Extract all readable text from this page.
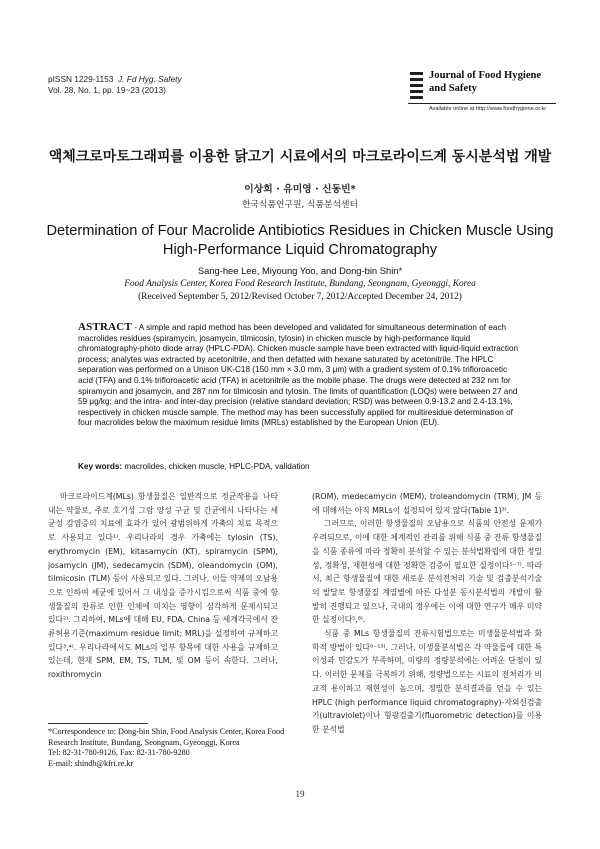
pISSN 1229-1153 J. Fd Hyg. Safety
Vol. 28, No. 1, pp. 19~23 (2013)
Journal of Food Hygiene
and Safety
Available online at http://www.foodhygiene.or.kr
액체크로마토그래피를 이용한 닭고기 시료에서의 마크로라이드계 동시분석법 개발
이상희 · 유미영 · 신동빈*
한국식품연구원, 식품분석센터
Determination of Four Macrolide Antibiotics Residues in Chicken Muscle Using
High-Performance Liquid Chromatography
Sang-hee Lee, Miyoung Yoo, and Dong-bin Shin*
Food Analysis Center, Korea Food Research Institute, Bundang, Seongnam, Gyeonggi, Korea
(Received September 5, 2012/Revised October 7, 2012/Accepted December 24, 2012)
ASTRACT - A simple and rapid method has been developed and validated for simultaneous determination of each macrolides residues (spiramycin, josamycin, tilmicosin, tylosin) in chicken muscle by high-performance liquid chromatography-photo diode array (HPLC-PDA). Chicken muscle sample have been extracted with liquid-liquid extraction process; analytes was extracted by acetonitrile, and then defatted with hexane saturated by acetonitrile. The HPLC separation was performed on a Unison UK-C18 (150 mm × 3.0 mm, 3 μm) with a gradient system of 0.1% trifloroacetic acid (TFA) and 0.1% trifloroacetic acid (TFA) in acetonitrile as the mobile phase. The drugs were detected at 232 nm for spiramycin and josamycin, and 287 nm for tilmicosin and tylosin. The limits of quantification (LOQs) were between 27 and 59 μg/kg; and the intra- and inter-day precision (relative standard deviation; RSD) was between 0.9-13.2 and 2.4-13.1%, respectively in chicken muscle sample. The method may has been successfully applied for multiresidue determination of four macrolides below the maximum residue limits (MRLs) established by the European Union (EU).
Key words: macrolides, chicken muscle, HPLC-PDA, validation

마크로라이드계(MLs) 항생물질은 일반적으로 정균작용을 나타내는 약물로, 주로 호기성 그람 양성 구균 및 간균에서 나타나는 세균성 감염증의 치료에 효과가 있어 광범위하게 가축의 치료 목적으로 사용되고 있다¹⁾. 우리나라의 경우 가축에는 tylosin (TS), erythromycin (EM), kitasamycin (KT), spiramycin (SPM), josamycin (JM), sedecamycin (SDM), oleandomycin (OM), tilmicosin (TLM) 등이 사용되고 있다. 그러나, 이들 약제의 오남용으로 인하여 세균에 있어서 그 내성을 증가시킴으로써 식품 중에 항생물질의 잔류로 인한 인체에 미치는 영향이 심각하게 문제시되고 있다²⁾. 그리하여, MLs에 대해 EU, FDA, China 등 세계각국에서 잔류허용기준(maximum residue limit; MRL)을 설정하여 규제하고 있다³,⁴⁾. 우리나라에서도 MLs의 일부 항목에 대한 사용을 규제하고 있는데, 현재 SPM, EM, TS, TLM, 및 OM 등이 속한다. 그러나, roxithromycin

(ROM), medecamycin (MEM), troleandomycin (TRM), JM 등에 대해서는 아직 MRLs이 설정되어 있지 않다(Table 1)³⁾.

그러므로, 이러한 항생물질의 오남용으로 식품의 안전성 문제가 우려되므로, 이에 대한 체계적인 관리를 위해 식품 중 잔류 항생물질을 식품 종류에 따라 정확히 분석할 수 있는 분석법확립에 대한 정밀성, 정확성, 재현성에 대한 정확한 검증이 필요한 실정이다⁵⁻⁷⁾. 따라서, 최근 항생물질에 대한 새로운 분석전처리 기술 및 검출분석기술의 발달로 항생물질 계열별에 따른 다성분 동시분석법의 개발이 활발히 진행되고 있으나, 국내의 경우에는 이에 대한 연구가 매우 미약한 실정이다⁵,⁸⁾.

식품 중 MLs 항생물질의 잔류시험법으로는 미생물분석법과 화학적 방법이 있다⁹⁻¹³⁾. 그러나, 미생물분석법은 각 약물들에 대한 특이성과 민감도가 부족하며, 미량의 정량분석에는 어려운 단점이 있다. 이러한 문제를 극복하기 위해, 정량법으로는 시료의 전처리가 비교적 용이하고 재현성이 높으며, 정밀한 분석결과를 얻을 수 있는 HPLC (high performance liquid chromatography)-자외선검출기(ultraviolet)이나 형광검출기(fluorometric detection)를 이용한 분석법

*Correspondence to: Dong-bin Shin, Food Analysis Center, Korea Food Research Institute, Bundang, Seongnam, Gyeonggi, Korea
Tel: 82-31-780-9126, Fax: 82-31-780-9280
E-mail: shindb@kfri.re.kr
19
